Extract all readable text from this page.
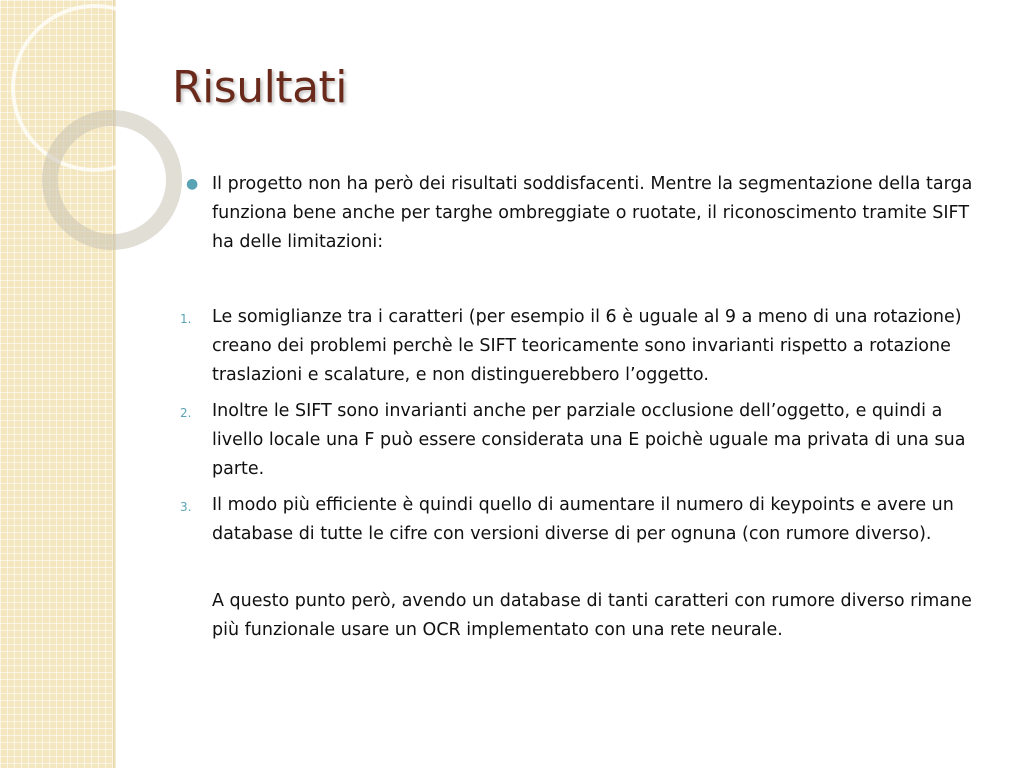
Risultati
● Il progetto non ha però dei risultati soddisfacenti. Mentre la segmentazione della targa funziona bene anche per targhe ombreggiate o ruotate, il riconoscimento tramite SIFT ha delle limitazioni:
1. Le somiglianze tra i caratteri (per esempio il 6 è uguale al 9 a meno di una rotazione) creano dei problemi perchè le SIFT teoricamente sono invarianti rispetto a rotazione traslazioni e scalature, e non distinguerebbero l’oggetto.
2. Inoltre le SIFT sono invarianti anche per parziale occlusione dell’oggetto, e quindi a livello locale una F può essere considerata una E poichè uguale ma privata di una sua parte.
3. Il modo più efficiente è quindi quello di aumentare il numero di keypoints e avere un database di tutte le cifre con versioni diverse di per ognuna (con rumore diverso).
A questo punto però, avendo un database di tanti caratteri con rumore diverso rimane più funzionale usare un OCR implementato con una rete neurale.
